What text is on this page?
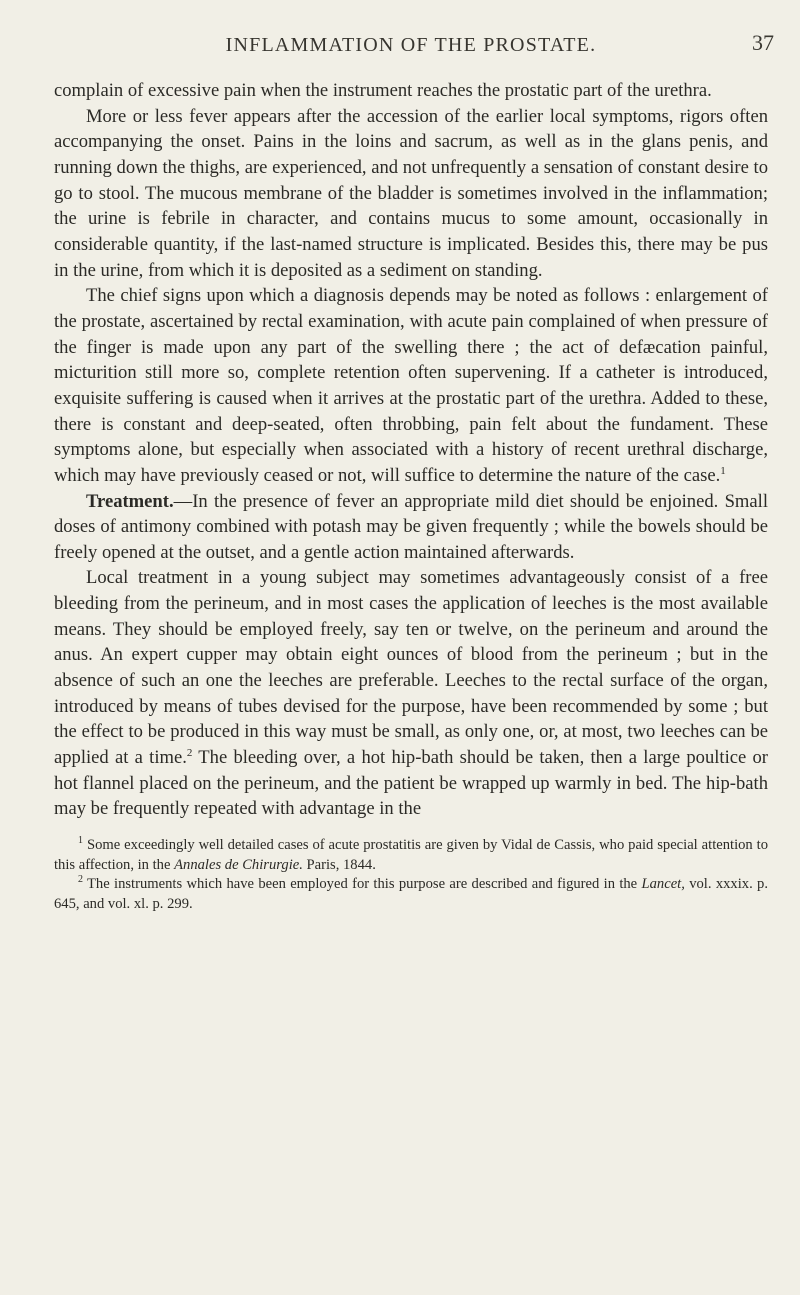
INFLAMMATION OF THE PROSTATE.	37

complain of excessive pain when the instrument reaches the prostatic part of the urethra.

More or less fever appears after the accession of the earlier local symptoms, rigors often accompanying the onset. Pains in the loins and sacrum, as well as in the glans penis, and running down the thighs, are experienced, and not unfrequently a sensation of constant desire to go to stool. The mucous membrane of the bladder is sometimes involved in the inflammation; the urine is febrile in character, and contains mucus to some amount, occasionally in considerable quantity, if the last-named structure is implicated. Besides this, there may be pus in the urine, from which it is deposited as a sediment on standing.

The chief signs upon which a diagnosis depends may be noted as follows : enlargement of the prostate, ascertained by rectal examination, with acute pain complained of when pressure of the finger is made upon any part of the swelling there ; the act of defæcation painful, micturition still more so, complete retention often supervening. If a catheter is introduced, exquisite suffering is caused when it arrives at the prostatic part of the urethra. Added to these, there is constant and deep-seated, often throbbing, pain felt about the fundament. These symptoms alone, but especially when associated with a history of recent urethral discharge, which may have previously ceased or not, will suffice to determine the nature of the case.$^1$

Treatment.—In the presence of fever an appropriate mild diet should be enjoined. Small doses of antimony combined with potash may be given frequently ; while the bowels should be freely opened at the outset, and a gentle action maintained afterwards.

Local treatment in a young subject may sometimes advantageously consist of a free bleeding from the perineum, and in most cases the application of leeches is the most available means. They should be employed freely, say ten or twelve, on the perineum and around the anus. An expert cupper may obtain eight ounces of blood from the perineum ; but in the absence of such an one the leeches are preferable. Leeches to the rectal surface of the organ, introduced by means of tubes devised for the purpose, have been recommended by some ; but the effect to be produced in this way must be small, as only one, or, at most, two leeches can be applied at a time.$^2$ The bleeding over, a hot hip-bath should be taken, then a large poultice or hot flannel placed on the perineum, and the patient be wrapped up warmly in bed. The hip-bath may be frequently repeated with advantage in the

$^1$ Some exceedingly well detailed cases of acute prostatitis are given by Vidal de Cassis, who paid special attention to this affection, in the Annales de Chirurgie. Paris, 1844.

$^2$ The instruments which have been employed for this purpose are described and figured in the Lancet, vol. xxxix. p. 645, and vol. xl. p. 299.
